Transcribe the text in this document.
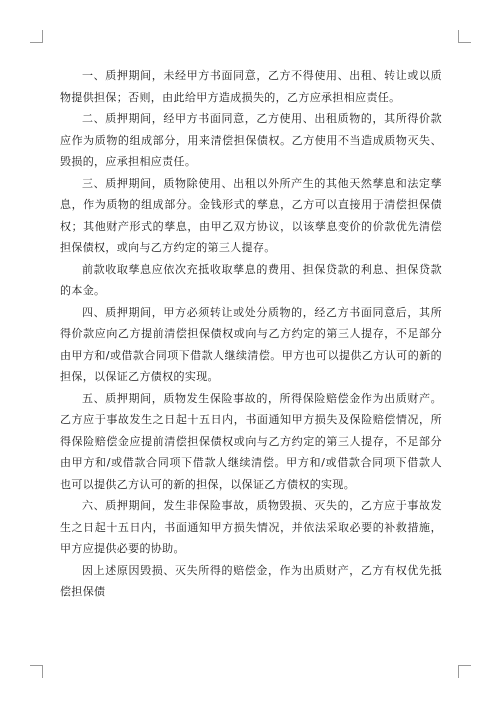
一、质押期间，未经甲方书面同意，乙方不得使用、出租、转让或以质物提供担保；否则，由此给甲方造成损失的，乙方应承担相应责任。

二、质押期间，经甲方书面同意，乙方使用、出租质物的，其所得价款应作为质物的组成部分，用来清偿担保债权。乙方使用不当造成质物灭失、毁损的，应承担相应责任。

三、质押期间，质物除使用、出租以外所产生的其他天然孳息和法定孳息，作为质物的组成部分。金钱形式的孳息，乙方可以直接用于清偿担保债权；其他财产形式的孳息，由甲乙双方协议，以该孳息变价的价款优先清偿担保债权，或向与乙方约定的第三人提存。

前款收取孳息应依次充抵收取孳息的费用、担保贷款的利息、担保贷款的本金。

四、质押期间，甲方必须转让或处分质物的，经乙方书面同意后，其所得价款应向乙方提前清偿担保债权或向与乙方约定的第三人提存，不足部分由甲方和/或借款合同项下借款人继续清偿。甲方也可以提供乙方认可的新的担保，以保证乙方债权的实现。

五、质押期间，质物发生保险事故的，所得保险赔偿金作为出质财产。乙方应于事故发生之日起十五日内，书面通知甲方损失及保险赔偿情况，所得保险赔偿金应提前清偿担保债权或向与乙方约定的第三人提存，不足部分由甲方和/或借款合同项下借款人继续清偿。甲方和/或借款合同项下借款人也可以提供乙方认可的新的担保，以保证乙方债权的实现。

六、质押期间，发生非保险事故，质物毁损、灭失的，乙方应于事故发生之日起十五日内，书面通知甲方损失情况，并依法采取必要的补救措施，甲方应提供必要的协助。

因上述原因毁损、灭失所得的赔偿金，作为出质财产，乙方有权优先抵偿担保债
